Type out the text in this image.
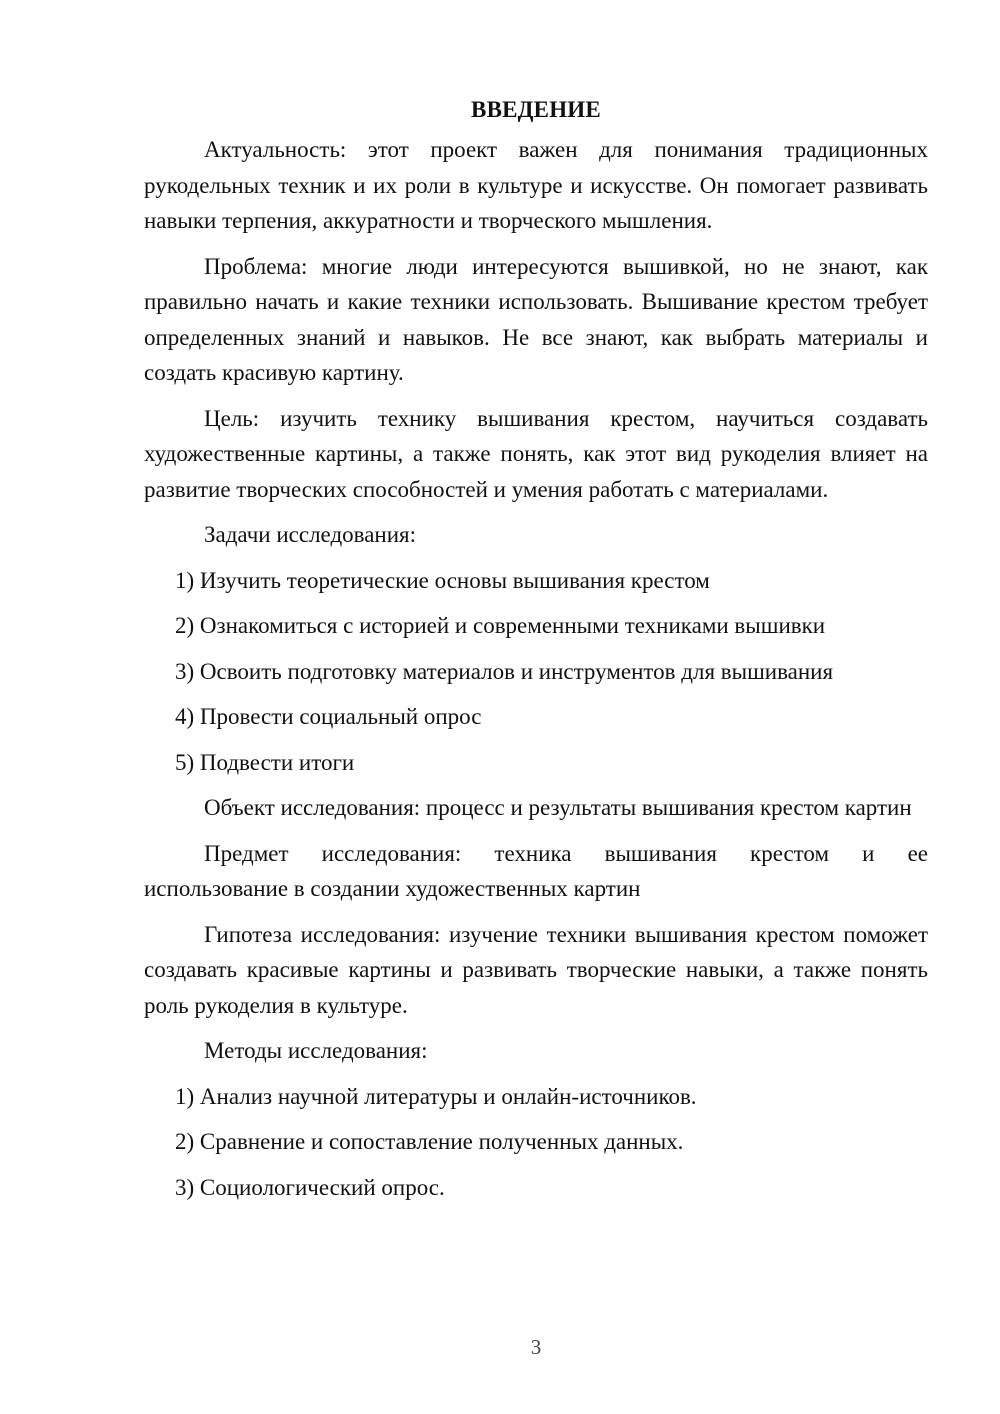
ВВЕДЕНИЕ

Актуальность: этот проект важен для понимания традиционных рукодельных техник и их роли в культуре и искусстве. Он помогает развивать навыки терпения, аккуратности и творческого мышления.

Проблема: многие люди интересуются вышивкой, но не знают, как правильно начать и какие техники использовать. Вышивание крестом требует определенных знаний и навыков. Не все знают, как выбрать материалы и создать красивую картину.

Цель: изучить технику вышивания крестом, научиться создавать художественные картины, а также понять, как этот вид рукоделия влияет на развитие творческих способностей и умения работать с материалами.

Задачи исследования:

1) Изучить теоретические основы вышивания крестом

2) Ознакомиться с историей и современными техниками вышивки

3) Освоить подготовку материалов и инструментов для вышивания

4) Провести социальный опрос

5) Подвести итоги

Объект исследования: процесс и результаты вышивания крестом картин

Предмет исследования: техника вышивания крестом и ее
использование в создании художественных картин

Гипотеза исследования: изучение техники вышивания крестом поможет создавать красивые картины и развивать творческие навыки, а также понять роль рукоделия в культуре.

Методы исследования:

1) Анализ научной литературы и онлайн-источников.

2) Сравнение и сопоставление полученных данных.

3) Социологический опрос.

3
